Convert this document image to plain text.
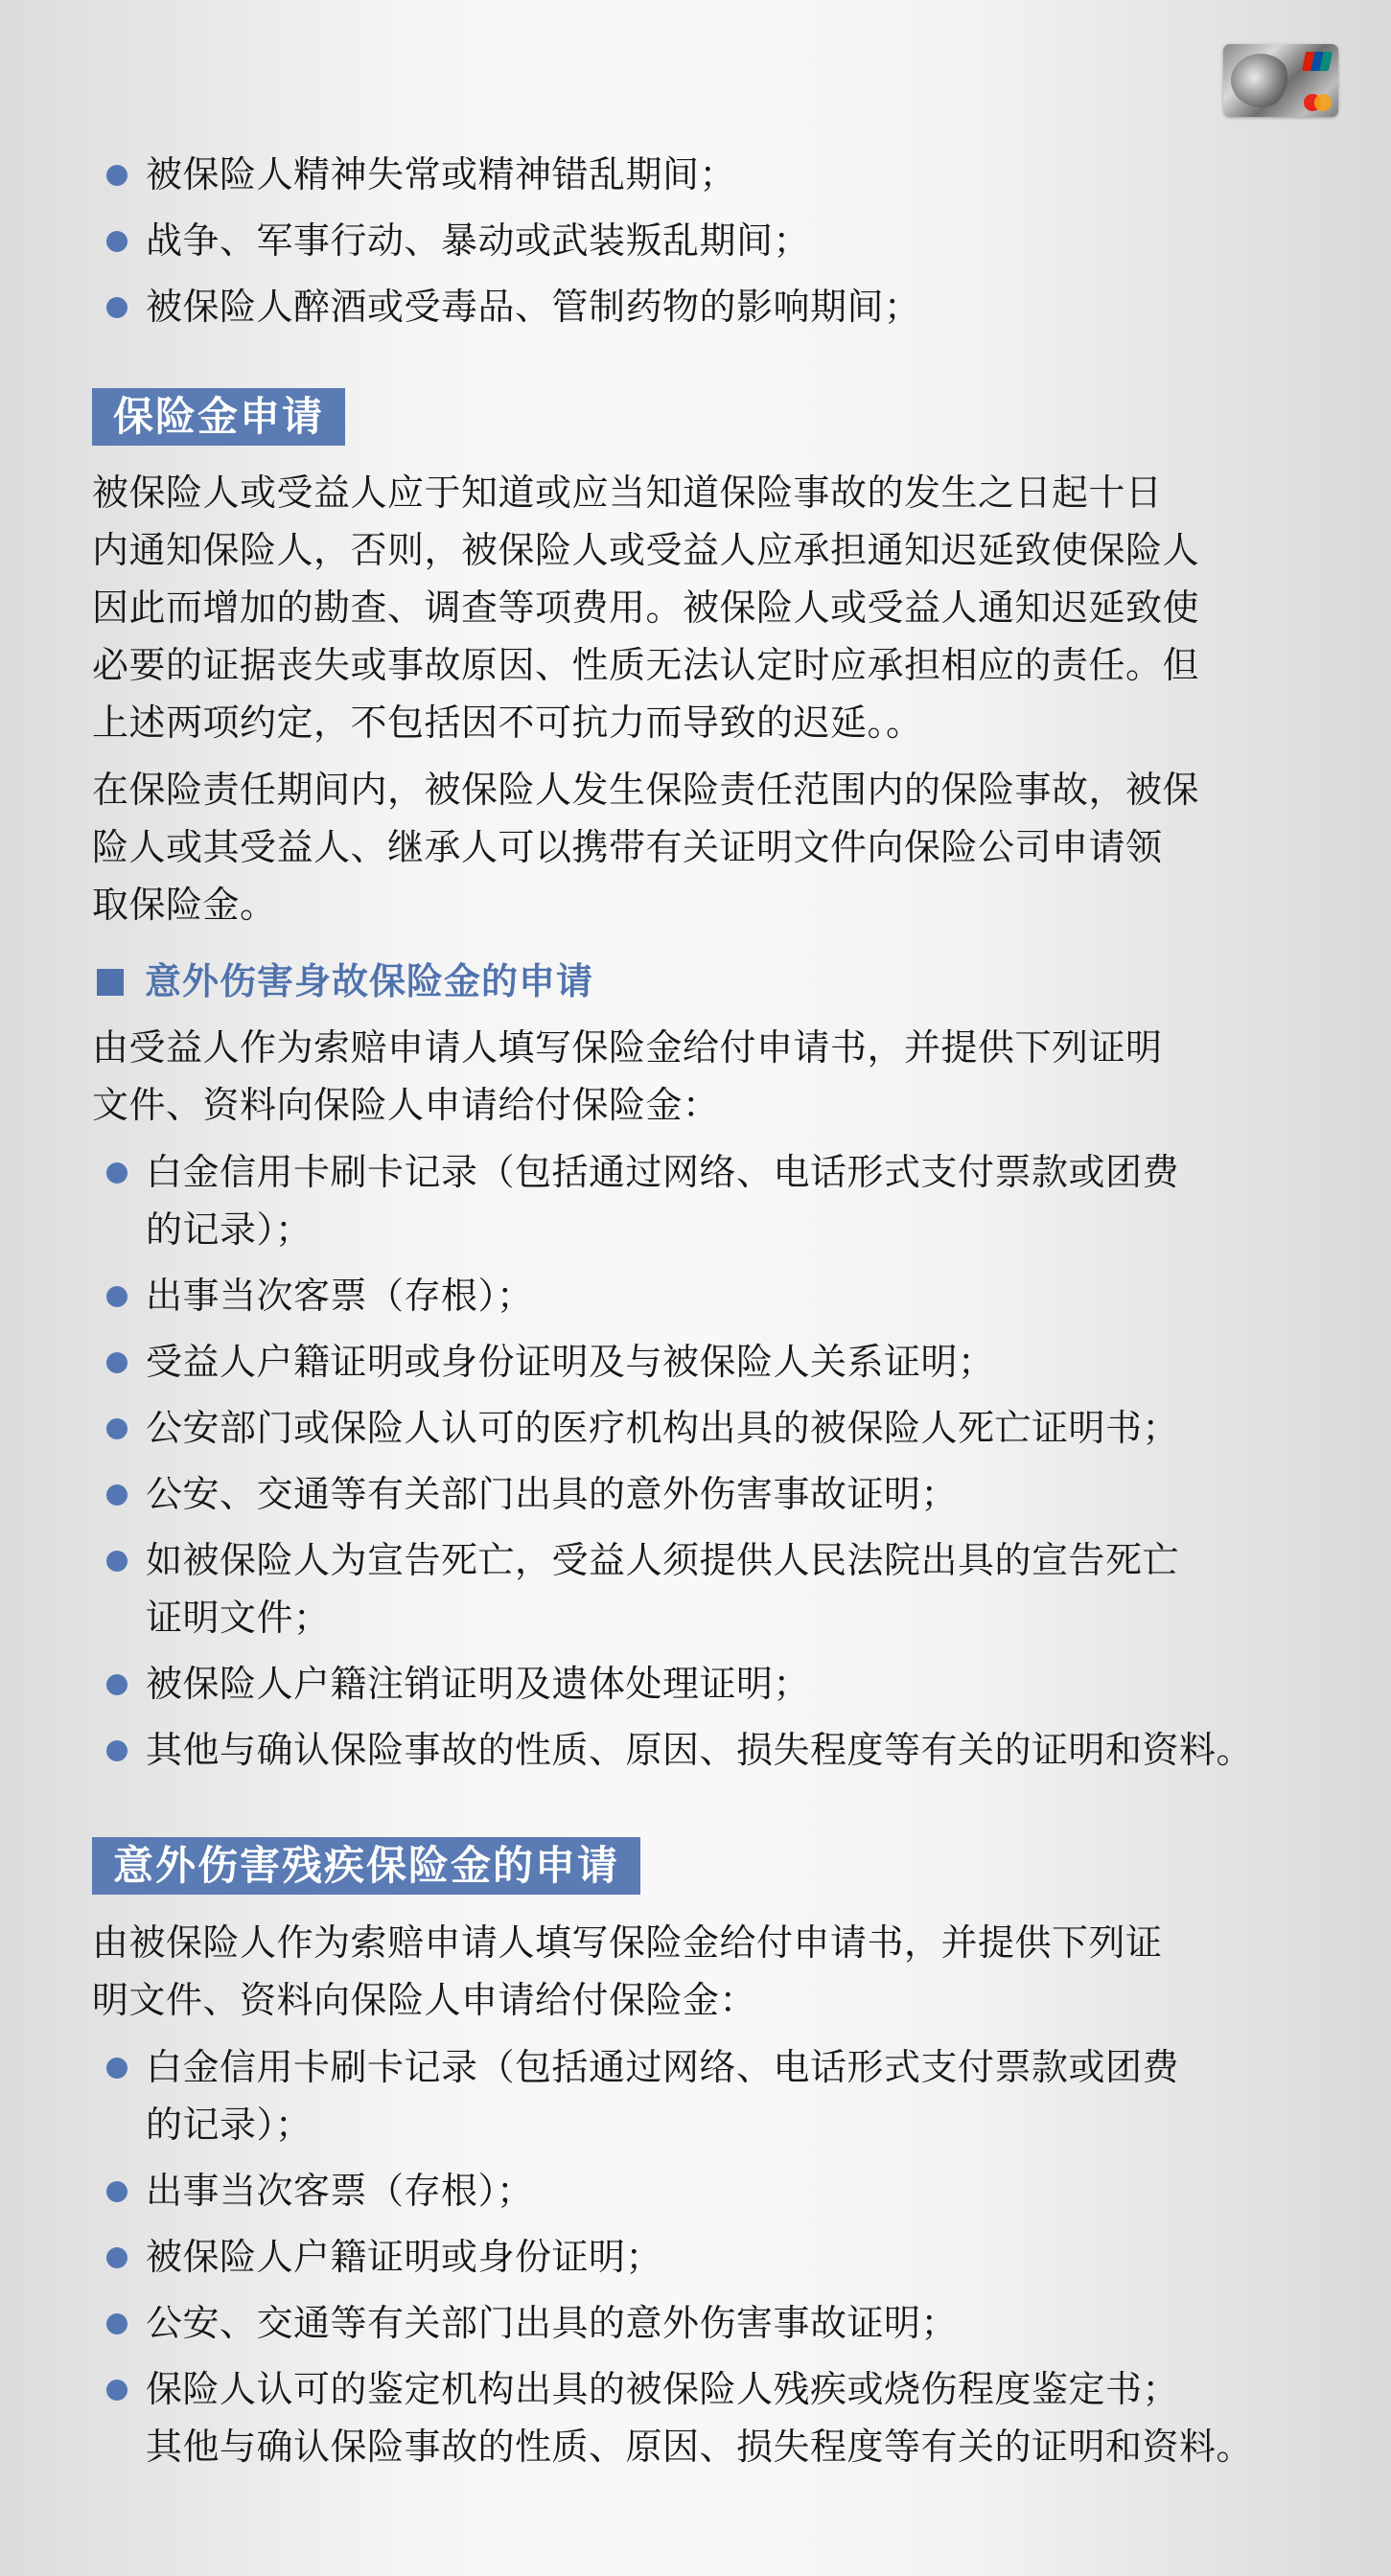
被保险人精神失常或精神错乱期间；
战争、军事行动、暴动或武装叛乱期间；
被保险人醉酒或受毒品、管制药物的影响期间；
保险金申请

被保险人或受益人应于知道或应当知道保险事故的发生之日起十日
内通知保险人，否则，被保险人或受益人应承担通知迟延致使保险人
因此而增加的勘查、调查等项费用。被保险人或受益人通知迟延致使
必要的证据丧失或事故原因、性质无法认定时应承担相应的责任。但
上述两项约定，不包括因不可抗力而导致的迟延。。

在保险责任期间内，被保险人发生保险责任范围内的保险事故，被保
险人或其受益人、继承人可以携带有关证明文件向保险公司申请领
取保险金。

意外伤害身故保险金的申请

由受益人作为索赔申请人填写保险金给付申请书，并提供下列证明
文件、资料向保险人申请给付保险金：

白金信用卡刷卡记录（包括通过网络、电话形式支付票款或团费
的记录）；
出事当次客票（存根）；
受益人户籍证明或身份证明及与被保险人关系证明；
公安部门或保险人认可的医疗机构出具的被保险人死亡证明书；
公安、交通等有关部门出具的意外伤害事故证明；
如被保险人为宣告死亡，受益人须提供人民法院出具的宣告死亡
证明文件；
被保险人户籍注销证明及遗体处理证明；
其他与确认保险事故的性质、原因、损失程度等有关的证明和资料。
意外伤害残疾保险金的申请

由被保险人作为索赔申请人填写保险金给付申请书，并提供下列证
明文件、资料向保险人申请给付保险金：

白金信用卡刷卡记录（包括通过网络、电话形式支付票款或团费
的记录）；
出事当次客票（存根）；
被保险人户籍证明或身份证明；
公安、交通等有关部门出具的意外伤害事故证明；
保险人认可的鉴定机构出具的被保险人残疾或烧伤程度鉴定书；
其他与确认保险事故的性质、原因、损失程度等有关的证明和资料。
